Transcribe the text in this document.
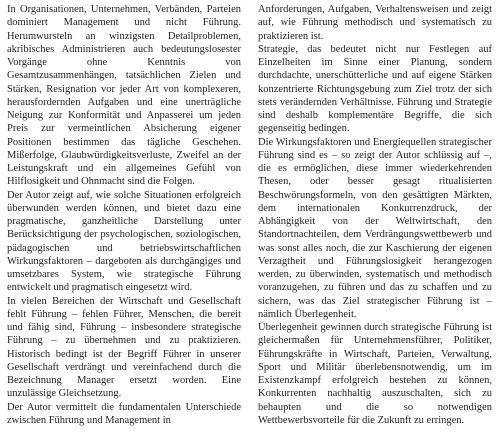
In Organisationen, Unternehmen, Verbänden, Parteien dominiert Management und nicht Führung. Herumwursteln an winzigsten Detailproblemen, akribisches Administrieren auch bedeutungslosester Vorgänge ohne Kenntnis von Gesamtzusammenhängen, tatsächlichen Zielen und Stärken, Resignation vor jeder Art von komplexeren, herausfordernden Aufgaben und eine unerträgliche Neigung zur Konformität und Anpasserei um jeden Preis zur vermeintlichen Absicherung eigener Positionen bestimmen das tägliche Geschehen. Mißerfolge, Glaubwürdigkeitsverluste, Zweifel an der Leistungskraft und ein allgemeines Gefühl von Hilflosigkeit und Ohnmacht sind die Folgen.

Der Autor zeigt auf, wie solche Situationen erfolgreich überwunden werden können, und bietet dazu eine pragmatische, ganzheitliche Darstellung unter Berücksichtigung der psychologischen, soziologischen, pädagogischen und betriebswirtschaftlichen Wirkungsfaktoren – dargeboten als durchgängiges und umsetzbares System, wie strategische Führung entwickelt und pragmatisch eingesetzt wird.

In vielen Bereichen der Wirtschaft und Gesellschaft fehlt Führung – fehlen Führer, Menschen, die bereit und fähig sind, Führung – insbesondere strategische Führung – zu übernehmen und zu praktizieren. Historisch bedingt ist der Begriff Führer in unserer Gesellschaft verdrängt und vereinfachend durch die Bezeichnung Manager ersetzt worden. Eine unzulässige Gleichsetzung.

Der Autor vermittelt die fundamentalen Unterschiede zwischen Führung und Management in

Anforderungen, Aufgaben, Verhaltensweisen und zeigt auf, wie Führung methodisch und systematisch zu praktizieren ist.

Strategie, das bedeutet nicht nur Festlegen auf Einzelheiten im Sinne einer Planung, sondern durchdachte, unerschütterliche und auf eigene Stärken konzentrierte Richtungsgebung zum Ziel trotz der sich stets verändernden Verhältnisse. Führung und Strategie sind deshalb komplementäre Begriffe, die sich gegenseitig bedingen.

Die Wirkungsfaktoren und Energiequellen strategischer Führung sind es – so zeigt der Autor schlüssig auf –, die es ermöglichen, diese immer wiederkehrenden Thesen, oder besser gesagt ritualisierten Beschwörungsformeln, von den gesättigten Märkten, dem internationalen Konkurrenzdruck, der Abhängigkeit von der Weltwirtschaft, den Standortnachteilen, dem Verdrängungswettbewerb und was sonst alles noch, die zur Kaschierung der eigenen Verzagtheit und Führungslosigkeit herangezogen werden, zu überwinden, systematisch und methodisch voranzugehen, zu führen und das zu schaffen und zu sichern, was das Ziel strategischer Führung ist – nämlich Überlegenheit.

Überlegenheit gewinnen durch strategische Führung ist gleichermaßen für Unternehmensführer, Politiker, Führungskräfte in Wirtschaft, Parteien, Verwaltung, Sport und Militär überlebensnotwendig, um im Existenzkampf erfolgreich bestehen zu können, Konkurrenten nachhaltig auszuschalten, sich zu behaupten und die so notwendigen Wettbewerbsvorteile für die Zukunft zu erringen.
